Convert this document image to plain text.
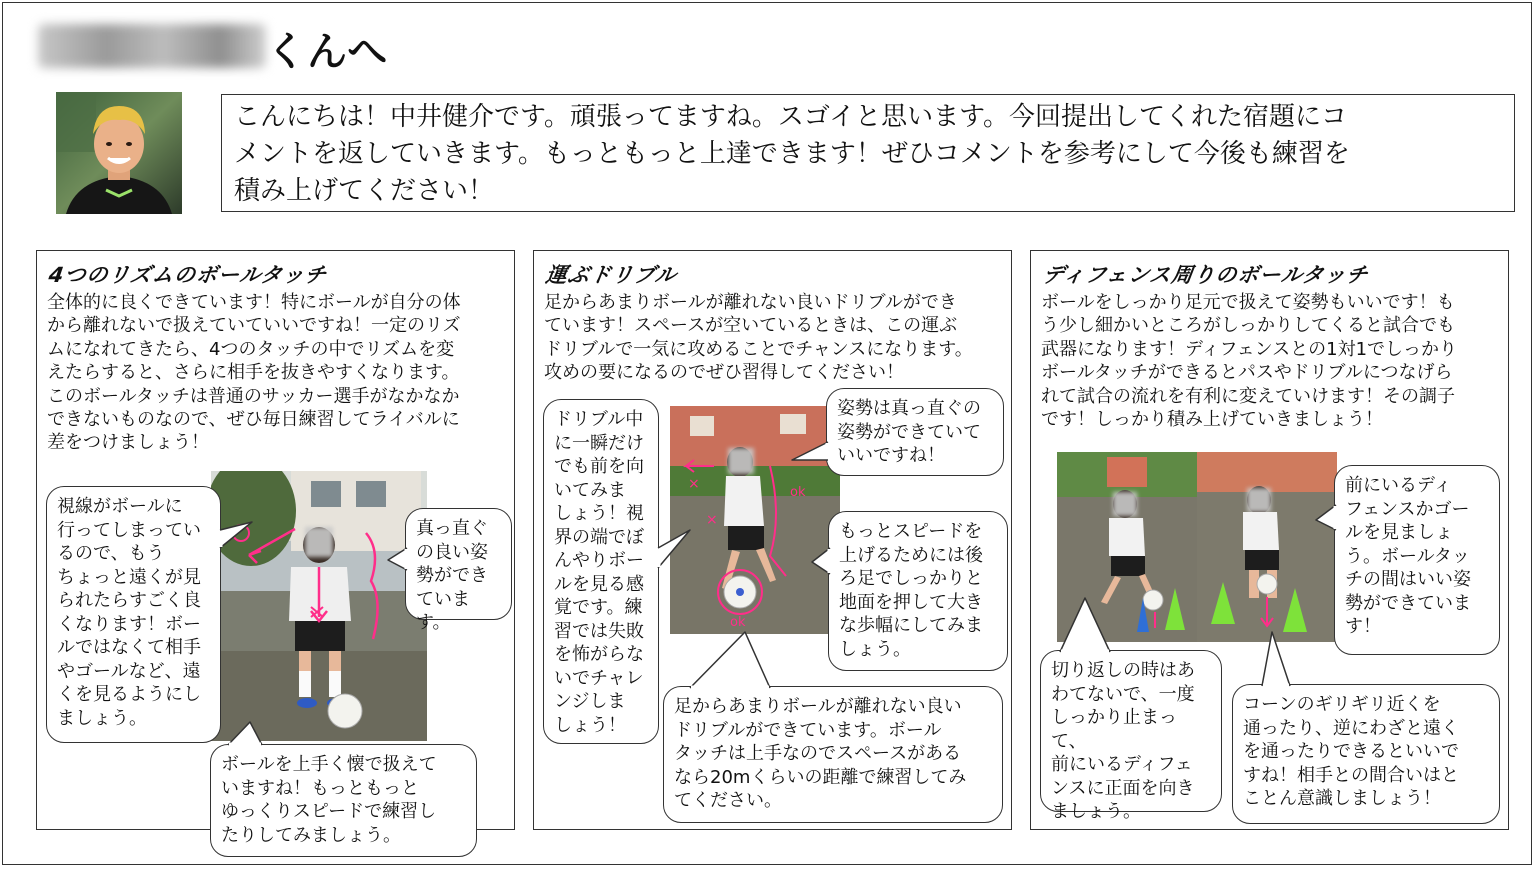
くんへ
こんにちは！中井健介です。頑張ってますね。スゴイと思います。今回提出してくれた宿題にコ
メントを返していきます。もっともっと上達できます！ぜひコメントを参考にして今後も練習を
積み上げてください！
4つのリズムのボールタッチ
全体的に良くできています！特にボールが自分の体
から離れないで扱えていていいですね！一定のリズ
ムになれてきたら、4つのタッチの中でリズムを変
えたらすると、さらに相手を抜きやすくなります。
このボールタッチは普通のサッカー選手がなかなか
できないものなので、ぜひ毎日練習してライバルに
差をつけましょう！
視線がボールに
行ってしまってい
るので、もう
ちょっと遠くが見
られたらすごく良
くなります！ボー
ルではなくて相手
やゴールなど、遠
くを見るようにし
ましょう。
真っ直ぐ
の良い姿
勢ができ
ています。
ボールを上手く懐で扱えて
いますね！もっともっと
ゆっくりスピードで練習し
たりしてみましょう。
運ぶドリブル
足からあまりボールが離れない良いドリブルができ
ています！スペースが空いているときは、この運ぶ
ドリブルで一気に攻めることでチャンスになります。
攻めの要になるのでぜひ習得してください！
×
×
ok
ok
ドリブル中
に一瞬だけ
でも前を向
いてみま
しょう！視
界の端でぼ
んやりボー
ルを見る感
覚です。練
習では失敗
を怖がらな
いでチャレ
ンジしま
しょう！
姿勢は真っ直ぐの
姿勢ができていて
いいですね！
もっとスピードを
上げるためには後
ろ足でしっかりと
地面を押して大き
な歩幅にしてみま
しょう。
足からあまりボールが離れない良い
ドリブルができています。ボール
タッチは上手なのでスペースがある
なら20mくらいの距離で練習してみ
てください。
ディフェンス周りのボールタッチ
ボールをしっかり足元で扱えて姿勢もいいです！も
う少し細かいところがしっかりしてくると試合でも
武器になります！ディフェンスとの1対1でしっかり
ボールタッチができるとパスやドリブルにつなげら
れて試合の流れを有利に変えていけます！その調子
です！しっかり積み上げていきましょう！
前にいるディ
フェンスかゴー
ルを見ましょ
う。ボールタッ
チの間はいい姿
勢ができていま
す！
切り返しの時はあ
わてないで、一度
しっかり止まって、
前にいるディフェ
ンスに正面を向き
ましょう。
コーンのギリギリ近くを
通ったり、逆にわざと遠く
を通ったりできるといいで
すね！相手との間合いはと
ことん意識しましょう！
